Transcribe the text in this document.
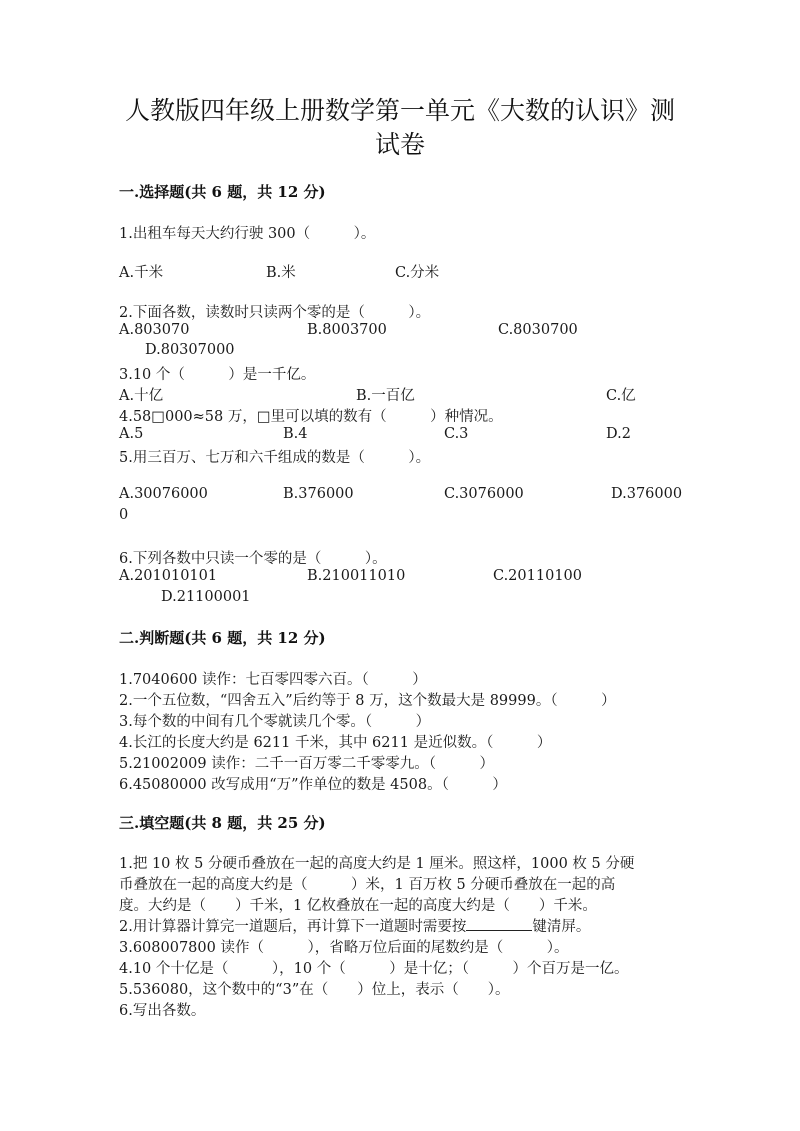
人教版四年级上册数学第一单元《大数的认识》测
试卷
一.选择题(共 6 题，共 12 分)
1.出租车每天大约行驶 300（　　　）。
A.千米	B.米	C.分米
2.下面各数，读数时只读两个零的是（　　　）。
A.803070	B.8003700	C.8030700
D.80307000
3.10 个（　　　）是一千亿。
A.十亿	B.一百亿	C.亿
4.58□000≈58 万，□里可以填的数有（　　　）种情况。
A.5	B.4	C.3	D.2
5.用三百万、七万和六千组成的数是（　　　）。
A.30076000	B.376000	C.3076000	D.376000
0
6.下列各数中只读一个零的是（　　　）。
A.201010101	B.210011010	C.20110100
D.21100001
二.判断题(共 6 题，共 12 分)
1.7040600 读作：七百零四零六百。（　　　）
2.一个五位数，“四舍五入”后约等于 8 万，这个数最大是 89999。（　　　）
3.每个数的中间有几个零就读几个零。（　　　）
4.长江的长度大约是 6211 千米，其中 6211 是近似数。（　　　）
5.21002009 读作：二千一百万零二千零零九。（　　　）
6.45080000 改写成用“万”作单位的数是 4508。（　　　）
三.填空题(共 8 题，共 25 分)
1.把 10 枚 5 分硬币叠放在一起的高度大约是 1 厘米。照这样，1000 枚 5 分硬
币叠放在一起的高度大约是（　　　）米，1 百万枚 5 分硬币叠放在一起的高
度。大约是（　　）千米，1 亿枚叠放在一起的高度大约是（　　）千米。
2.用计算器计算完一道题后，再计算下一道题时需要按	键清屏。
3.608007800 读作（　　　），省略万位后面的尾数约是（　　　）。
4.10 个十亿是（　　　），10 个（　　　）是十亿；（　　　）个百万是一亿。
5.536080，这个数中的“3”在（　　）位上，表示（　　）。
6.写出各数。
